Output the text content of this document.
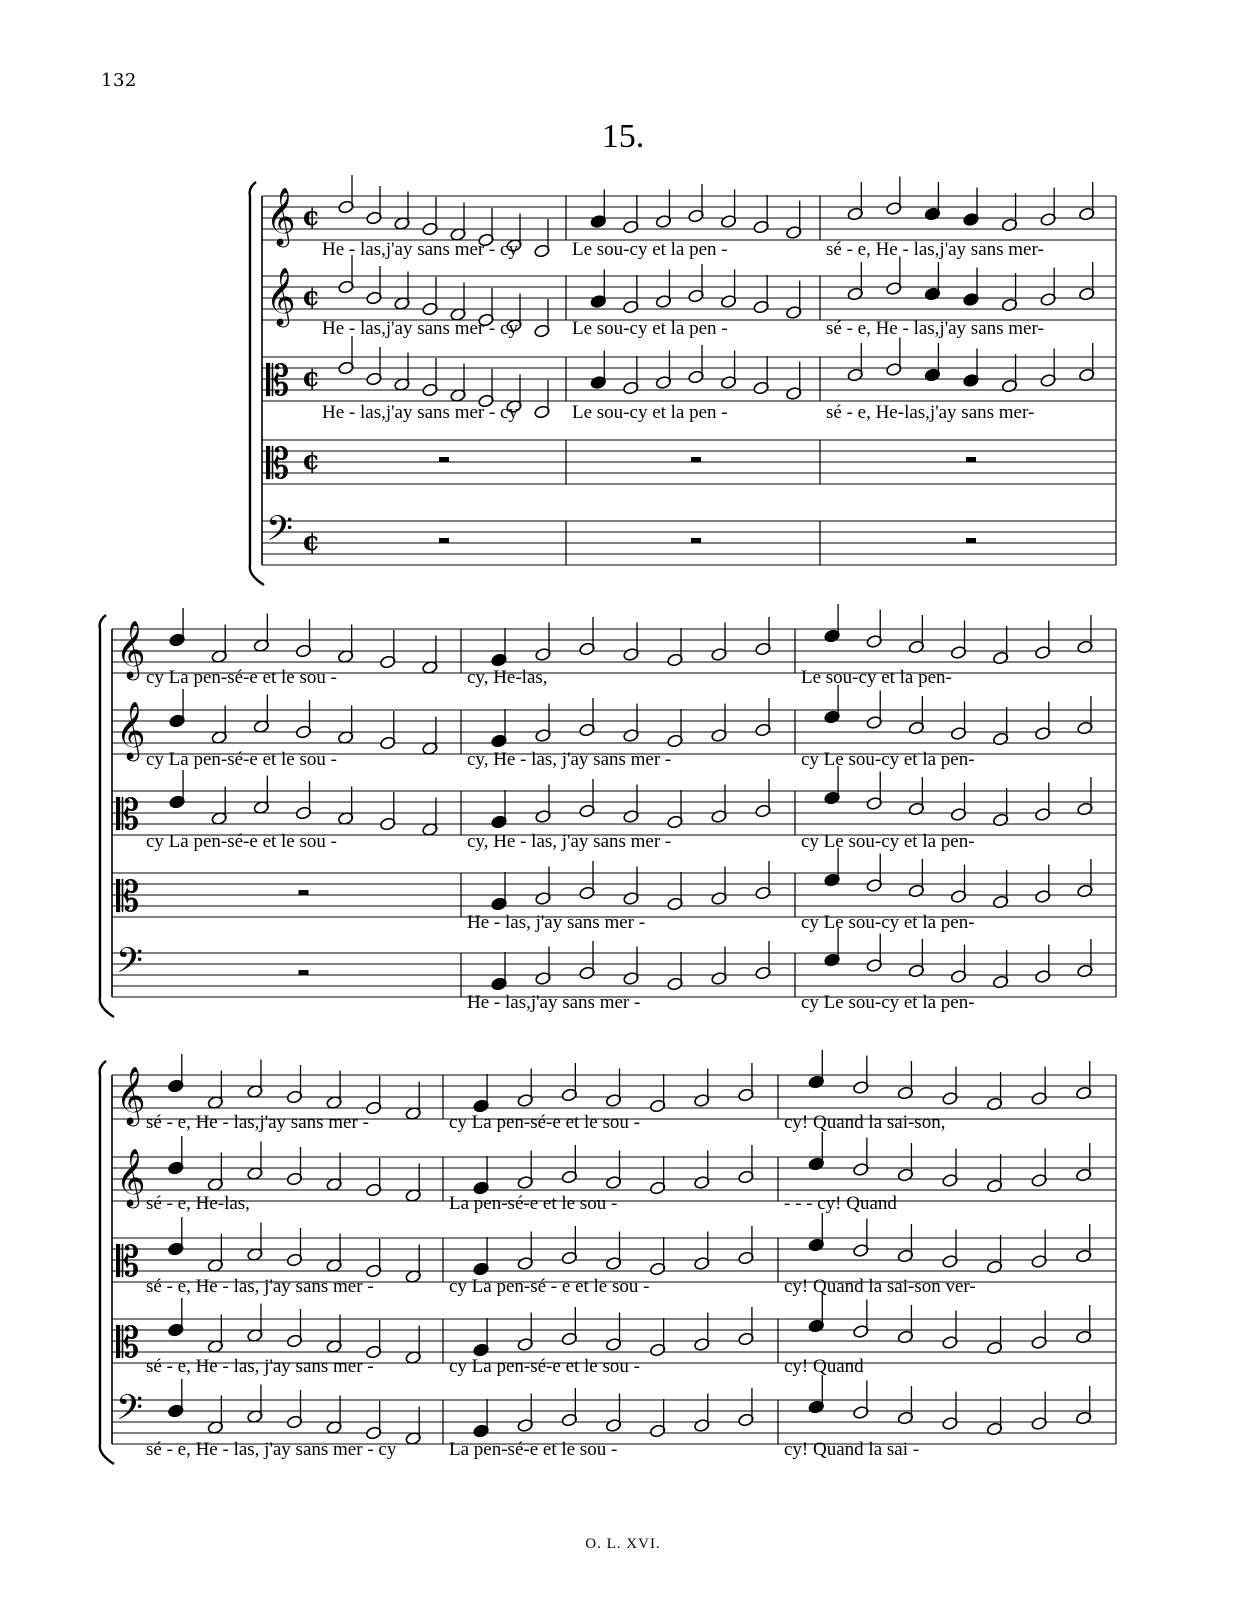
132
15.
O. L. XVI.
𝄞 ¢
He - las,j'ay sans mer - cy	Le sou-cy et la pen -	sé - e, He - las,j'ay sans mer-
𝄞 ¢
He - las,j'ay sans mer - cy	Le sou-cy et la pen -	sé - e, He - las,j'ay sans mer-
𝄡 ¢
He - las,j'ay sans mer - cy	Le sou-cy et la pen -	sé - e, He-las,j'ay sans mer-
𝄡 ¢
𝄢 ¢
𝄞 cy La pen-sé-e et le sou -	cy, He-las,	Le sou-cy et la pen-
𝄞
cy La pen-sé-e et le sou -	cy, He - las, j'ay sans mer -	cy Le sou-cy et la pen-
𝄡
cy La pen-sé-e et le sou -	cy, He - las, j'ay sans mer -	cy Le sou-cy et la pen-
𝄡
He - las, j'ay sans mer -	cy Le sou-cy et la pen-
𝄢
He - las,j'ay sans mer -	cy Le sou-cy et la pen-
𝄞 sé - e, He - las,j'ay sans mer -	cy La pen-sé-e et le sou -	cy! Quand la sai-son,
𝄞 sé - e, He-las,	La pen-sé-e et le sou -	- - - cy! Quand
𝄡
sé - e, He - las, j'ay sans mer -	cy La pen-sé - e et le sou -	cy! Quand la sai-son ver-
𝄡 sé - e, He - las, j'ay sans mer -	cy La pen-sé-e et le sou -	cy! Quand
𝄢
sé - e, He - las, j'ay sans mer - cy	La pen-sé-e et le sou -	cy! Quand la sai -
